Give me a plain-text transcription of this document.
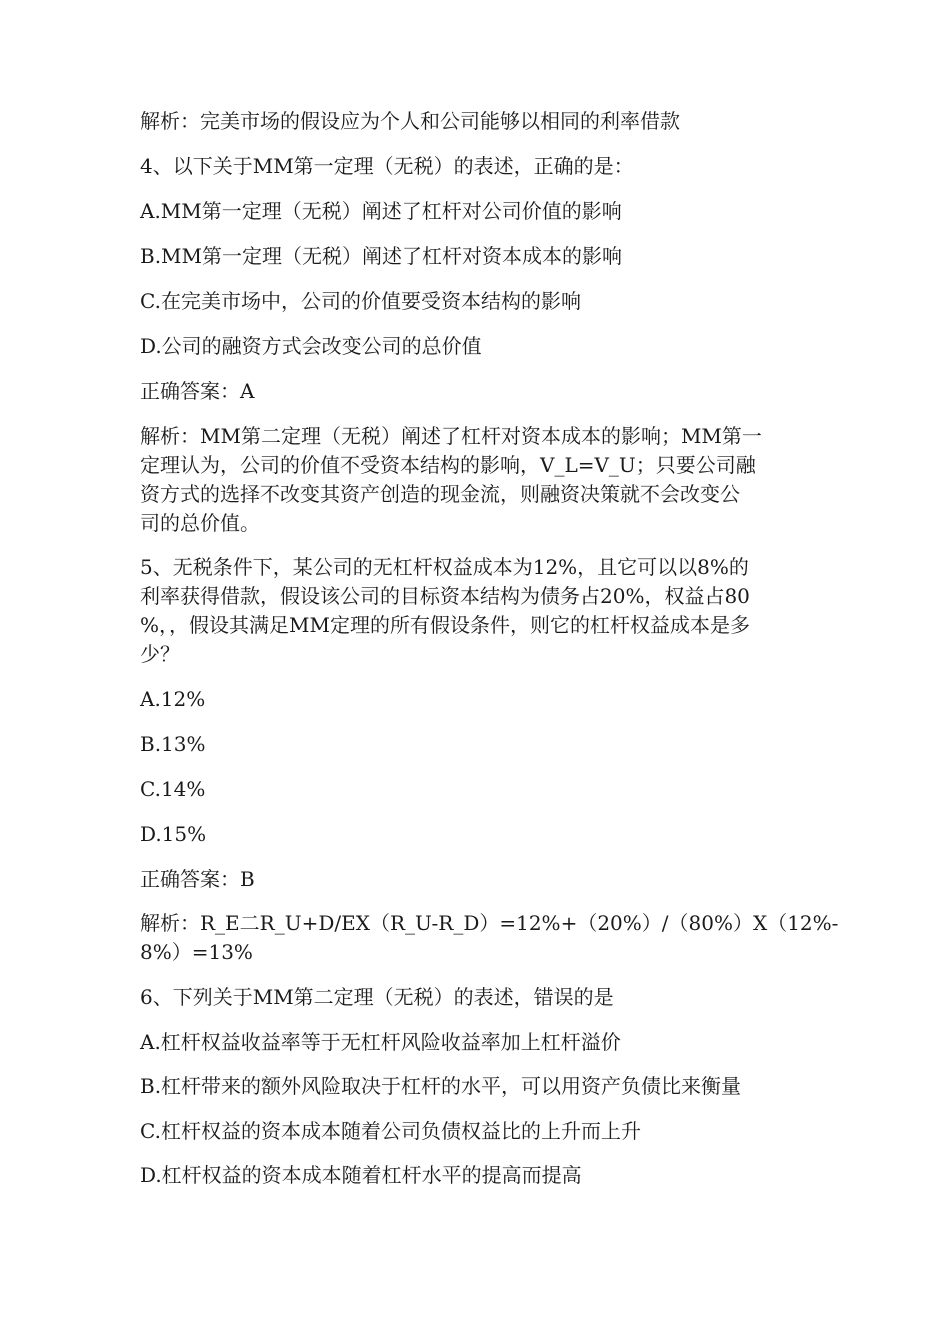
解析：完美市场的假设应为个人和公司能够以相同的利率借款
4、以下关于MM第一定理（无税）的表述，正确的是：
A.MM第一定理（无税）阐述了杠杆对公司价值的影响
B.MM第一定理（无税）阐述了杠杆对资本成本的影响
C.在完美市场中，公司的价值要受资本结构的影响
D.公司的融资方式会改变公司的总价值
正确答案：A
解析：MM第二定理（无税）阐述了杠杆对资本成本的影响；MM第一
定理认为，公司的价值不受资本结构的影响，V_L=V_U；只要公司融
资方式的选择不改变其资产创造的现金流，则融资决策就不会改变公
司的总价值。
5、无税条件下，某公司的无杠杆权益成本为12%，且它可以以8%的
利率获得借款，假设该公司的目标资本结构为债务占20%，权益占80
%，，假设其满足MM定理的所有假设条件，则它的杠杆权益成本是多
少？
A.12%
B.13%
C.14%
D.15%
正确答案：B
解析：R_E二R_U+D/EX（R_U-R_D）=12%+（20%）/（80%）X（12%-
8%）=13%
6、下列关于MM第二定理（无税）的表述，错误的是
A.杠杆权益收益率等于无杠杆风险收益率加上杠杆溢价
B.杠杆带来的额外风险取决于杠杆的水平，可以用资产负债比来衡量
C.杠杆权益的资本成本随着公司负债权益比的上升而上升
D.杠杆权益的资本成本随着杠杆水平的提高而提高
